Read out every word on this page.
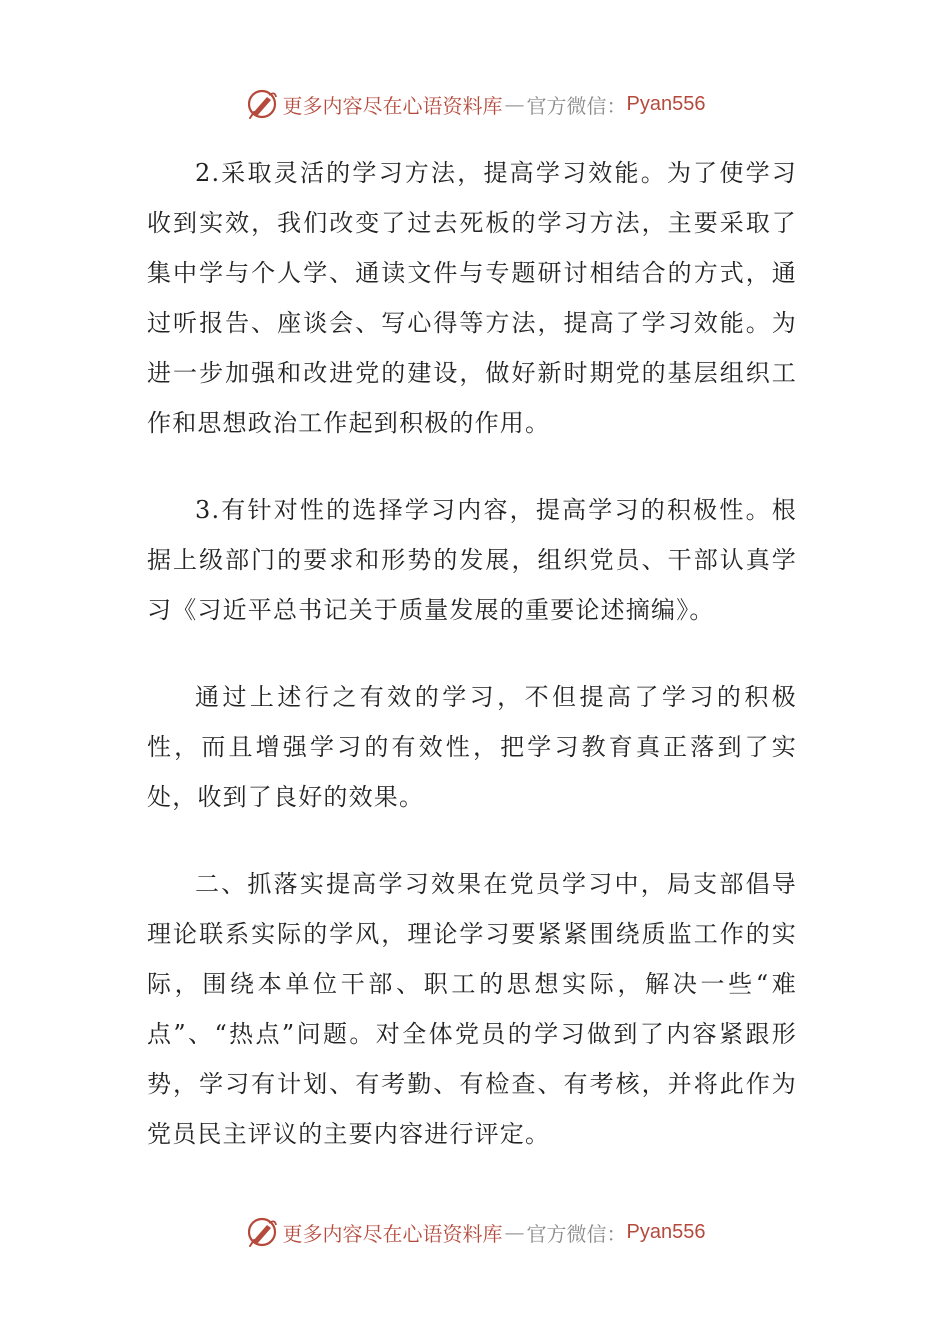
更多内容尽在心语资料库 — 官方微信： Pyan556

2.采取灵活的学习方法，提高学习效能。为了使学习收到实效，我们改变了过去死板的学习方法，主要采取了集中学与个人学、通读文件与专题研讨相结合的方式，通过听报告、座谈会、写心得等方法，提高了学习效能。为进一步加强和改进党的建设，做好新时期党的基层组织工作和思想政治工作起到积极的作用。

3.有针对性的选择学习内容，提高学习的积极性。根据上级部门的要求和形势的发展，组织党员、干部认真学习《习近平总书记关于质量发展的重要论述摘编》。

通过上述行之有效的学习，不但提高了学习的积极性，而且增强学习的有效性，把学习教育真正落到了实处，收到了良好的效果。

二、抓落实提高学习效果在党员学习中，局支部倡导理论联系实际的学风，理论学习要紧紧围绕质监工作的实际，围绕本单位干部、职工的思想实际，解决一些“难点”、“热点”问题。对全体党员的学习做到了内容紧跟形势，学习有计划、有考勤、有检查、有考核，并将此作为党员民主评议的主要内容进行评定。

更多内容尽在心语资料库 — 官方微信： Pyan556
